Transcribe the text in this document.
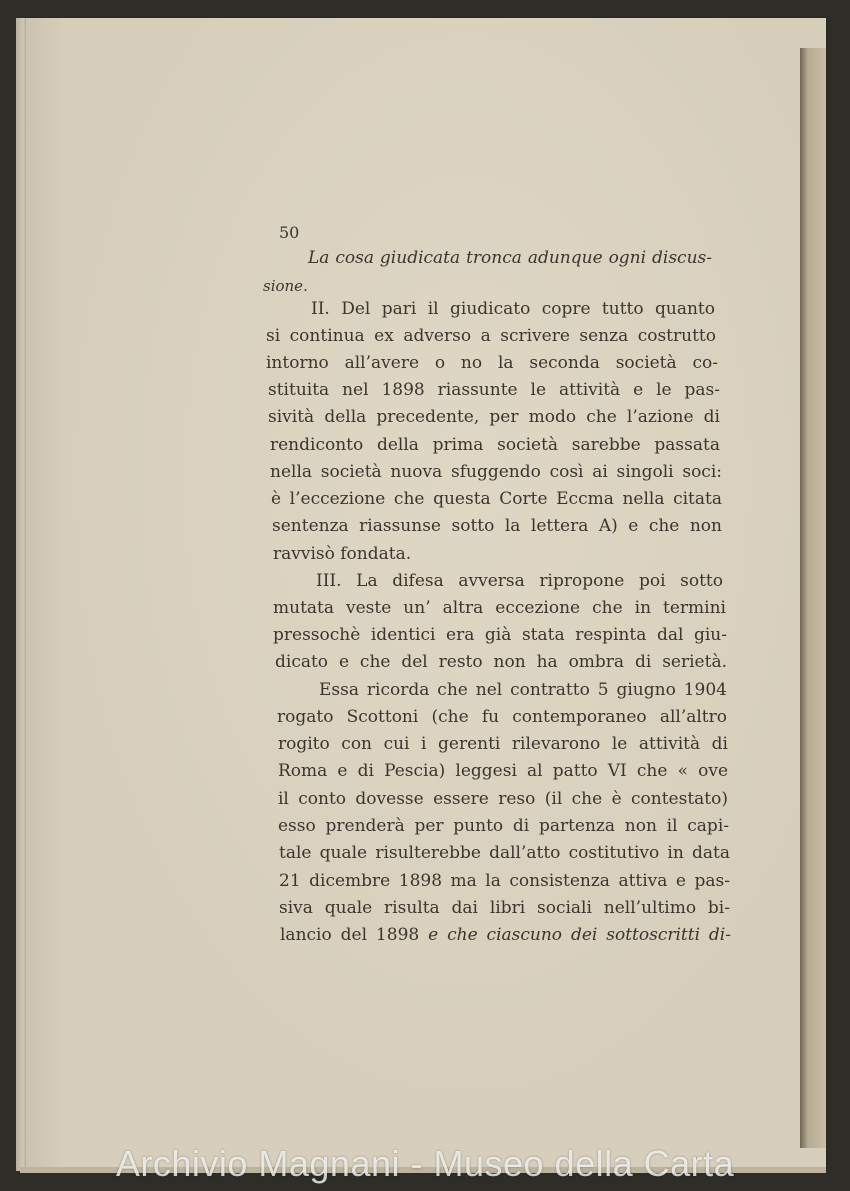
50
La cosa giudicata tronca adunque ogni discus-
sione.
II. Del pari il giudicato copre tutto quanto
si continua ex adverso a scrivere senza costrutto
intorno all’avere o no la seconda società co-
stituita nel 1898 riassunte le attività e le pas-
sività della precedente, per modo che l’azione di
rendiconto della prima società sarebbe passata
nella società nuova sfuggendo così ai singoli soci:
è l’eccezione che questa Corte Eccma nella citata
sentenza riassunse sotto la lettera A) e che non
ravvisò fondata.
III. La difesa avversa ripropone poi sotto
mutata veste un’ altra eccezione che in termini
pressochè identici era già stata respinta dal giu-
dicato e che del resto non ha ombra di serietà.
Essa ricorda che nel contratto 5 giugno 1904
rogato Scottoni (che fu contemporaneo all’altro
rogito con cui i gerenti rilevarono le attività di
Roma e di Pescia) leggesi al patto VI che « ove
il conto dovesse essere reso (il che è contestato)
esso prenderà per punto di partenza non il capi-
tale quale risulterebbe dall’atto costitutivo in data
21 dicembre 1898 ma la consistenza attiva e pas-
siva quale risulta dai libri sociali nell’ultimo bi-
lancio del 1898 e che ciascuno dei sottoscritti di-
Archivio Magnani - Museo della Carta
